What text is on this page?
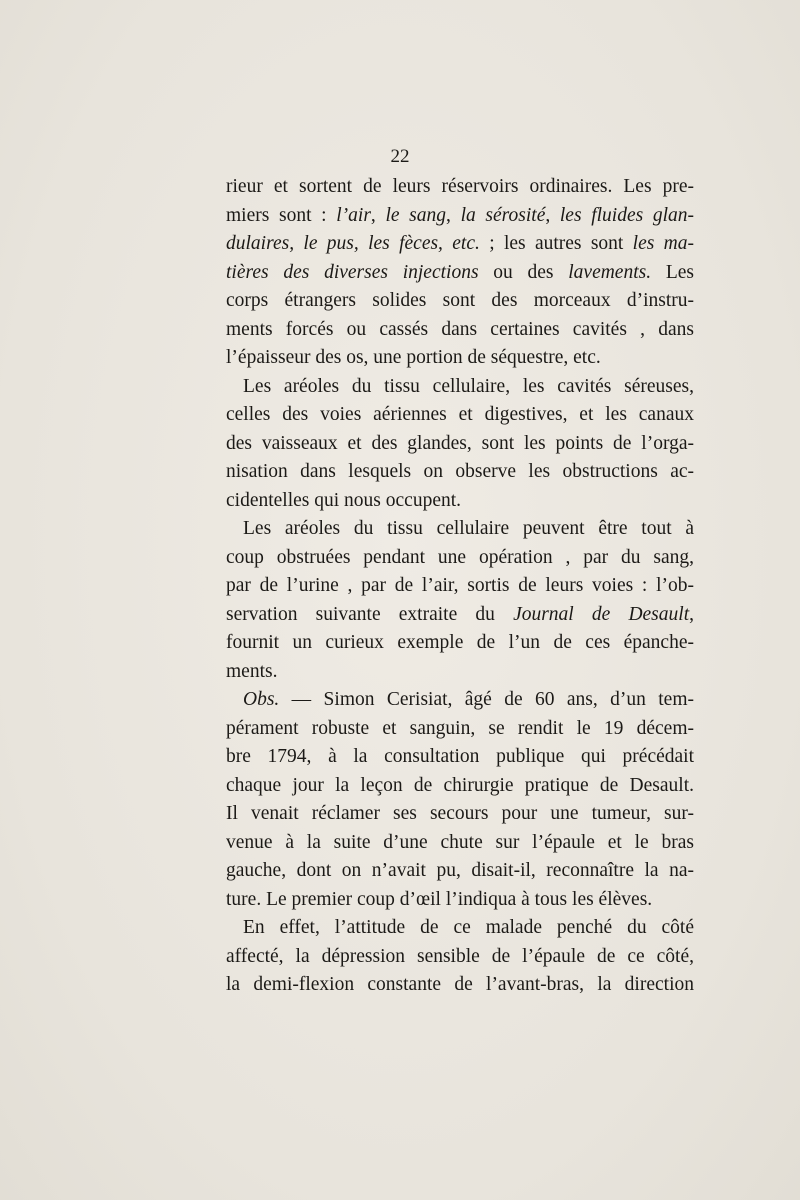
22
rieur et sortent de leurs réservoirs ordinaires. Les pre-
miers sont : l’air, le sang, la sérosité, les fluides glan-
dulaires, le pus, les fèces, etc. ; les autres sont les ma-
tières des diverses injections ou des lavements. Les
corps étrangers solides sont des morceaux d’instru-
ments forcés ou cassés dans certaines cavités , dans
l’épaisseur des os, une portion de séquestre, etc.
Les aréoles du tissu cellulaire, les cavités séreuses,
celles des voies aériennes et digestives, et les canaux
des vaisseaux et des glandes, sont les points de l’orga-
nisation dans lesquels on observe les obstructions ac-
cidentelles qui nous occupent.
Les aréoles du tissu cellulaire peuvent être tout à
coup obstruées pendant une opération , par du sang,
par de l’urine , par de l’air, sortis de leurs voies : l’ob-
servation suivante extraite du Journal de Desault,
fournit un curieux exemple de l’un de ces épanche-
ments.
Obs. — Simon Cerisiat, âgé de 60 ans, d’un tem-
pérament robuste et sanguin, se rendit le 19 décem-
bre 1794, à la consultation publique qui précédait
chaque jour la leçon de chirurgie pratique de Desault.
Il venait réclamer ses secours pour une tumeur, sur-
venue à la suite d’une chute sur l’épaule et le bras
gauche, dont on n’avait pu, disait-il, reconnaître la na-
ture. Le premier coup d’œil l’indiqua à tous les élèves.
En effet, l’attitude de ce malade penché du côté
affecté, la dépression sensible de l’épaule de ce côté,
la demi-flexion constante de l’avant-bras, la direction
